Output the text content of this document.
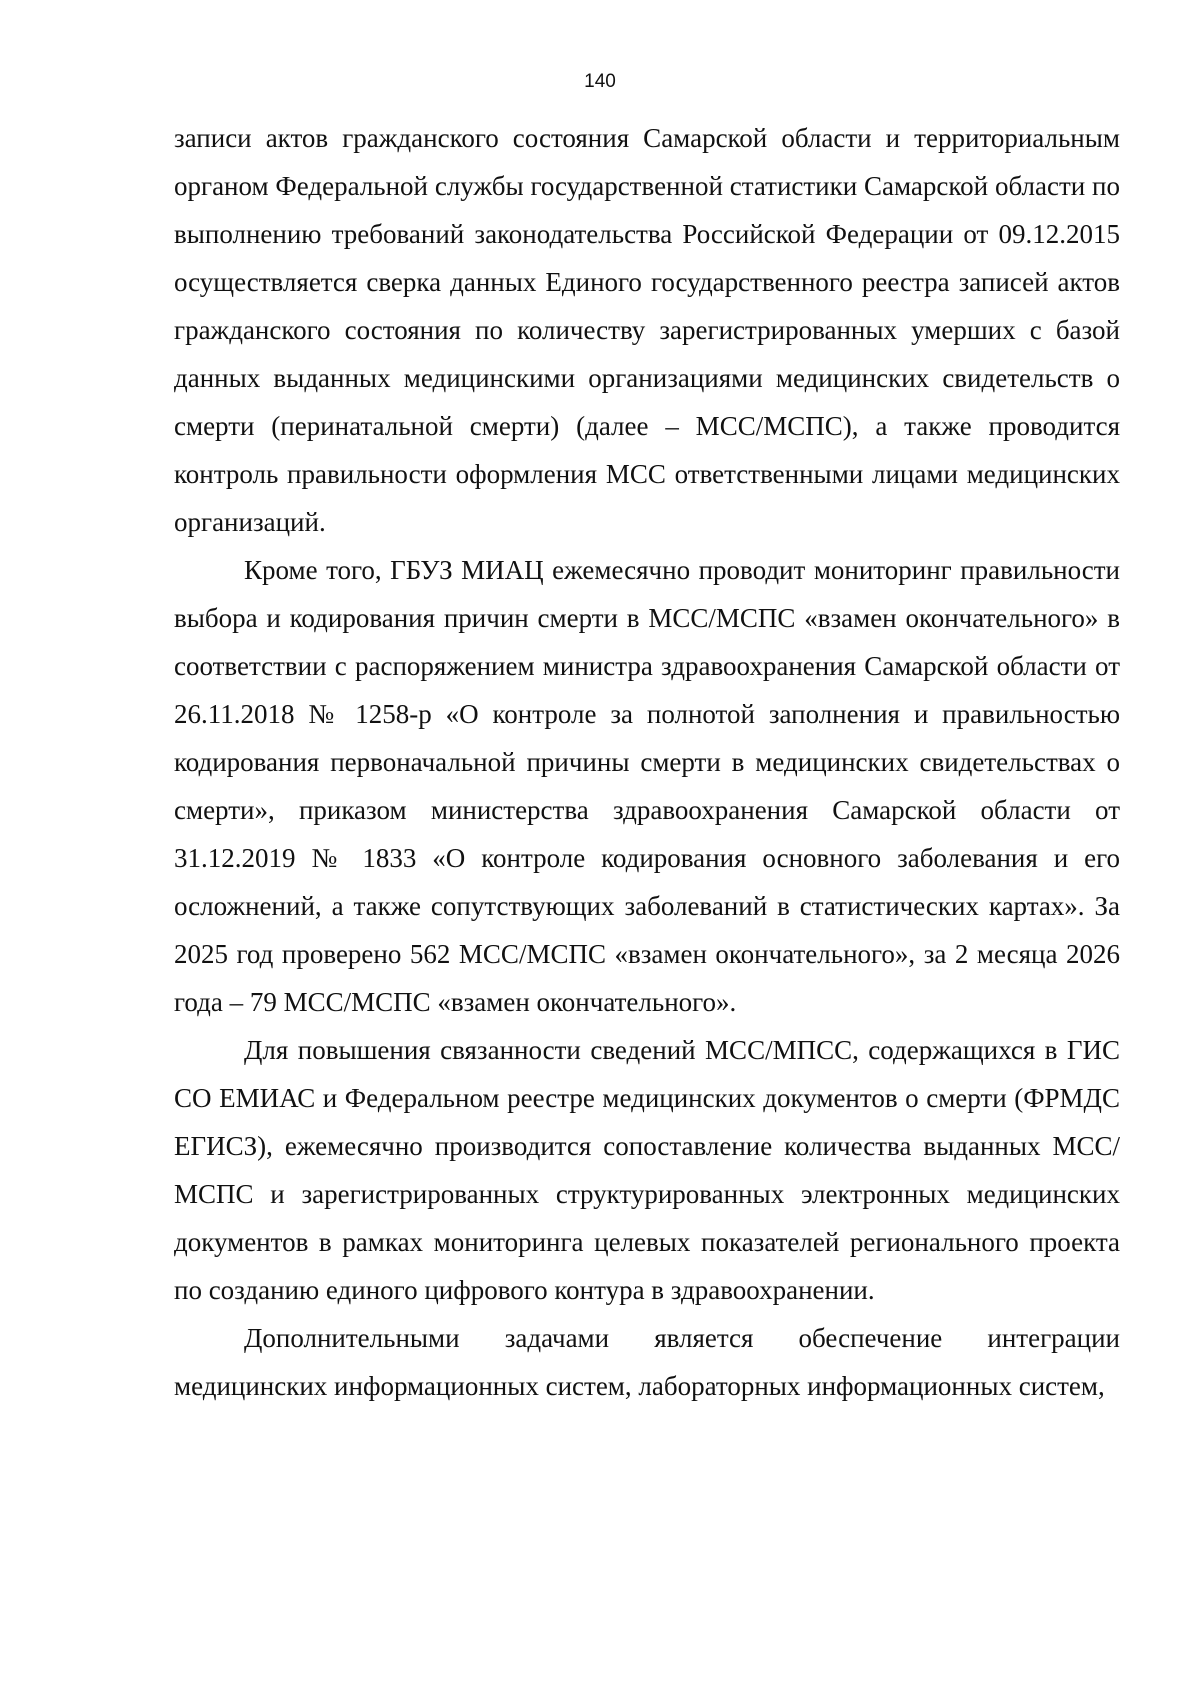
140

записи актов гражданского состояния Самарской области и территориальным органом Федеральной службы государственной статистики Самарской области по выполнению требований законодательства Российской Федерации от 09.12.2015 осуществляется сверка данных Единого государственного реестра записей актов гражданского состояния по количеству зарегистрированных умерших с базой данных выданных медицинскими организациями медицинских свидетельств о смерти (перинатальной смерти) (далее – МСС/МСПС), а также проводится контроль правильности оформления МСС ответственными лицами медицинских организаций.

Кроме того, ГБУЗ МИАЦ ежемесячно проводит мониторинг правильности выбора и кодирования причин смерти в МСС/МСПС «взамен окончательного» в соответствии с распоряжением министра здравоохранения Самарской области от 26.11.2018 № 1258-р «О контроле за полнотой заполнения и правильностью кодирования первоначальной причины смерти в медицинских свидетельствах о смерти», приказом министерства здравоохранения Самарской области от 31.12.2019 № 1833 «О контроле кодирования основного заболевания и его осложнений, а также сопутствующих заболеваний в статистических картах». За 2025 год проверено 562 МСС/МСПС «взамен окончательного», за 2 месяца 2026 года – 79 МСС/МСПС «взамен окончательного».

Для повышения связанности сведений МСС/МПСС, содержащихся в ГИС СО ЕМИАС и Федеральном реестре медицинских документов о смерти (ФРМДС ЕГИСЗ), ежемесячно производится сопоставление количества выданных МСС/МСПС и зарегистрированных структурированных электронных медицинских документов в рамках мониторинга целевых показателей регионального проекта по созданию единого цифрового контура в здравоохранении.

Дополнительными задачами является обеспечение интеграции медицинских информационных систем, лабораторных информационных систем,
